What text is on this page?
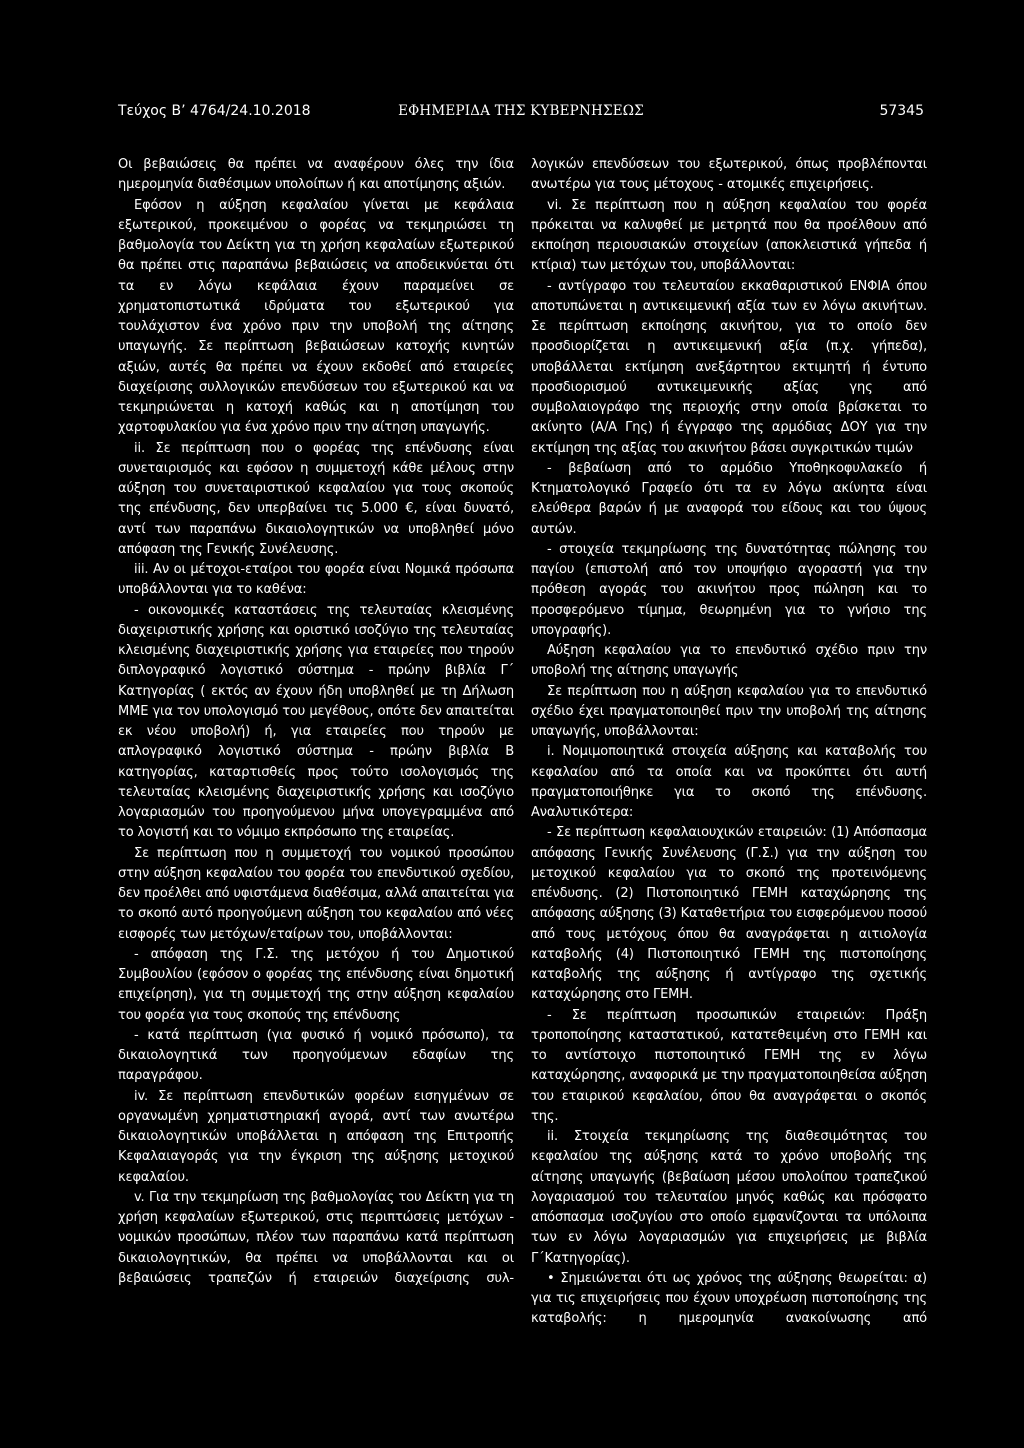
Τεύχος Β’ 4764/24.10.2018	ΕΦΗΜΕΡΙΔΑ ΤΗΣ ΚΥΒΕΡΝΗΣΕΩΣ	57345

Οι βεβαιώσεις θα πρέπει να αναφέρουν όλες την ίδια ημερομηνία διαθέσιμων υπολοίπων ή και αποτίμησης αξιών.

Εφόσον η αύξηση κεφαλαίου γίνεται με κεφάλαια εξωτερικού, προκειμένου ο φορέας να τεκμηριώσει τη βαθμολογία του Δείκτη για τη χρήση κεφαλαίων εξωτερικού θα πρέπει στις παραπάνω βεβαιώσεις να αποδεικνύεται ότι τα εν λόγω κεφάλαια έχουν παραμείνει σε χρηματοπιστωτικά ιδρύματα του εξωτερικού για τουλάχιστον ένα χρόνο πριν την υποβολή της αίτησης υπαγωγής. Σε περίπτωση βεβαιώσεων κατοχής κινητών αξιών, αυτές θα πρέπει να έχουν εκδοθεί από εταιρείες διαχείρισης συλλογικών επενδύσεων του εξωτερικού και να τεκμηριώνεται η κατοχή καθώς και η αποτίμηση του χαρτοφυλακίου για ένα χρόνο πριν την αίτηση υπαγωγής.

ii. Σε περίπτωση που ο φορέας της επένδυσης είναι συνεταιρισμός και εφόσον η συμμετοχή κάθε μέλους στην αύξηση του συνεταιριστικού κεφαλαίου για τους σκοπούς της επένδυσης, δεν υπερβαίνει τις 5.000 €, είναι δυνατό, αντί των παραπάνω δικαιολογητικών να υποβληθεί μόνο απόφαση της Γενικής Συνέλευσης.

iii. Αν οι μέτοχοι-εταίροι του φορέα είναι Νομικά πρόσωπα υποβάλλονται για το καθένα:

- οικονομικές καταστάσεις της τελευταίας κλεισμένης διαχειριστικής χρήσης και οριστικό ισοζύγιο της τελευταίας κλεισμένης διαχειριστικής χρήσης για εταιρείες που τηρούν διπλογραφικό λογιστικό σύστημα - πρώην βιβλία Γ΄ Κατηγορίας ( εκτός αν έχουν ήδη υποβληθεί με τη Δήλωση ΜΜΕ για τον υπολογισμό του μεγέθους, οπότε δεν απαιτείται εκ νέου υποβολή) ή, για εταιρείες που τηρούν με απλογραφικό λογιστικό σύστημα - πρώην βιβλία Β κατηγορίας, καταρτισθείς προς τούτο ισολογισμός της τελευταίας κλεισμένης διαχειριστικής χρήσης και ισοζύγιο λογαριασμών του προηγούμενου μήνα υπογεγραμμένα από το λογιστή και το νόμιμο εκπρόσωπο της εταιρείας.

Σε περίπτωση που η συμμετοχή του νομικού προσώπου στην αύξηση κεφαλαίου του φορέα του επενδυτικού σχεδίου, δεν προέλθει από υφιστάμενα διαθέσιμα, αλλά απαιτείται για το σκοπό αυτό προηγούμενη αύξηση του κεφαλαίου από νέες εισφορές των μετόχων/εταίρων του, υποβάλλονται:

- απόφαση της Γ.Σ. της μετόχου ή του Δημοτικού Συμβουλίου (εφόσον ο φορέας της επένδυσης είναι δημοτική επιχείρηση), για τη συμμετοχή της στην αύξηση κεφαλαίου του φορέα για τους σκοπούς της επένδυσης

- κατά περίπτωση (για φυσικό ή νομικό πρόσωπο), τα δικαιολογητικά των προηγούμενων εδαφίων της παραγράφου.

iv. Σε περίπτωση επενδυτικών φορέων εισηγμένων σε οργανωμένη χρηματιστηριακή αγορά, αντί των ανωτέρω δικαιολογητικών υποβάλλεται η απόφαση της Επιτροπής Κεφαλαιαγοράς για την έγκριση της αύξησης μετοχικού κεφαλαίου.

v. Για την τεκμηρίωση της βαθμολογίας του Δείκτη για τη χρήση κεφαλαίων εξωτερικού, στις περιπτώσεις μετόχων - νομικών προσώπων, πλέον των παραπάνω κατά περίπτωση δικαιολογητικών, θα πρέπει να υποβάλλονται και οι βεβαιώσεις τραπεζών ή εταιρειών διαχείρισης συλ-

λογικών επενδύσεων του εξωτερικού, όπως προβλέπονται ανωτέρω για τους μέτοχους - ατομικές επιχειρήσεις.

vi. Σε περίπτωση που η αύξηση κεφαλαίου του φορέα πρόκειται να καλυφθεί με μετρητά που θα προέλθουν από εκποίηση περιουσιακών στοιχείων (αποκλειστικά γήπεδα ή κτίρια) των μετόχων του, υποβάλλονται:

- αντίγραφο του τελευταίου εκκαθαριστικού ΕΝΦΙΑ όπου αποτυπώνεται η αντικειμενική αξία των εν λόγω ακινήτων. Σε περίπτωση εκποίησης ακινήτου, για το οποίο δεν προσδιορίζεται η αντικειμενική αξία (π.χ. γήπεδα), υποβάλλεται εκτίμηση ανεξάρτητου εκτιμητή ή έντυπο προσδιορισμού αντικειμενικής αξίας γης από συμβολαιογράφο της περιοχής στην οποία βρίσκεται το ακίνητο (Α/Α Γης) ή έγγραφο της αρμόδιας ΔΟΥ για την εκτίμηση της αξίας του ακινήτου βάσει συγκριτικών τιμών

- βεβαίωση από το αρμόδιο Υποθηκοφυλακείο ή Κτηματολογικό Γραφείο ότι τα εν λόγω ακίνητα είναι ελεύθερα βαρών ή με αναφορά του είδους και του ύψους αυτών.

- στοιχεία τεκμηρίωσης της δυνατότητας πώλησης του παγίου (επιστολή από τον υποψήφιο αγοραστή για την πρόθεση αγοράς του ακινήτου προς πώληση και το προσφερόμενο τίμημα, θεωρημένη για το γνήσιο της υπογραφής).

Αύξηση κεφαλαίου για το επενδυτικό σχέδιο πριν την υποβολή της αίτησης υπαγωγής

Σε περίπτωση που η αύξηση κεφαλαίου για το επενδυτικό σχέδιο έχει πραγματοποιηθεί πριν την υποβολή της αίτησης υπαγωγής, υποβάλλονται:

i. Νομιμοποιητικά στοιχεία αύξησης και καταβολής του κεφαλαίου από τα οποία και να προκύπτει ότι αυτή πραγματοποιήθηκε για το σκοπό της επένδυσης. Αναλυτικότερα:

- Σε περίπτωση κεφαλαιουχικών εταιρειών: (1) Απόσπασμα απόφασης Γενικής Συνέλευσης (Γ.Σ.) για την αύξηση του μετοχικού κεφαλαίου για το σκοπό της προτεινόμενης επένδυσης. (2) Πιστοποιητικό ΓΕΜΗ καταχώρησης της απόφασης αύξησης (3) Καταθετήρια του εισφερόμενου ποσού από τους μετόχους όπου θα αναγράφεται η αιτιολογία καταβολής (4) Πιστοποιητικό ΓΕΜΗ της πιστοποίησης καταβολής της αύξησης ή αντίγραφο της σχετικής καταχώρησης στο ΓΕΜΗ.

- Σε περίπτωση προσωπικών εταιρειών: Πράξη τροποποίησης καταστατικού, κατατεθειμένη στο ΓΕΜΗ και το αντίστοιχο πιστοποιητικό ΓΕΜΗ της εν λόγω καταχώρησης, αναφορικά με την πραγματοποιηθείσα αύξηση του εταιρικού κεφαλαίου, όπου θα αναγράφεται ο σκοπός της.

ii. Στοιχεία τεκμηρίωσης της διαθεσιμότητας του κεφαλαίου της αύξησης κατά το χρόνο υποβολής της αίτησης υπαγωγής (βεβαίωση μέσου υπολοίπου τραπεζικού λογαριασμού του τελευταίου μηνός καθώς και πρόσφατο απόσπασμα ισοζυγίου στο οποίο εμφανίζονται τα υπόλοιπα των εν λόγω λογαριασμών για επιχειρήσεις με βιβλία Γ΄Κατηγορίας).

• Σημειώνεται ότι ως χρόνος της αύξησης θεωρείται: α) για τις επιχειρήσεις που έχουν υποχρέωση πιστοποίησης της καταβολής: η ημερομηνία ανακοίνωσης από
